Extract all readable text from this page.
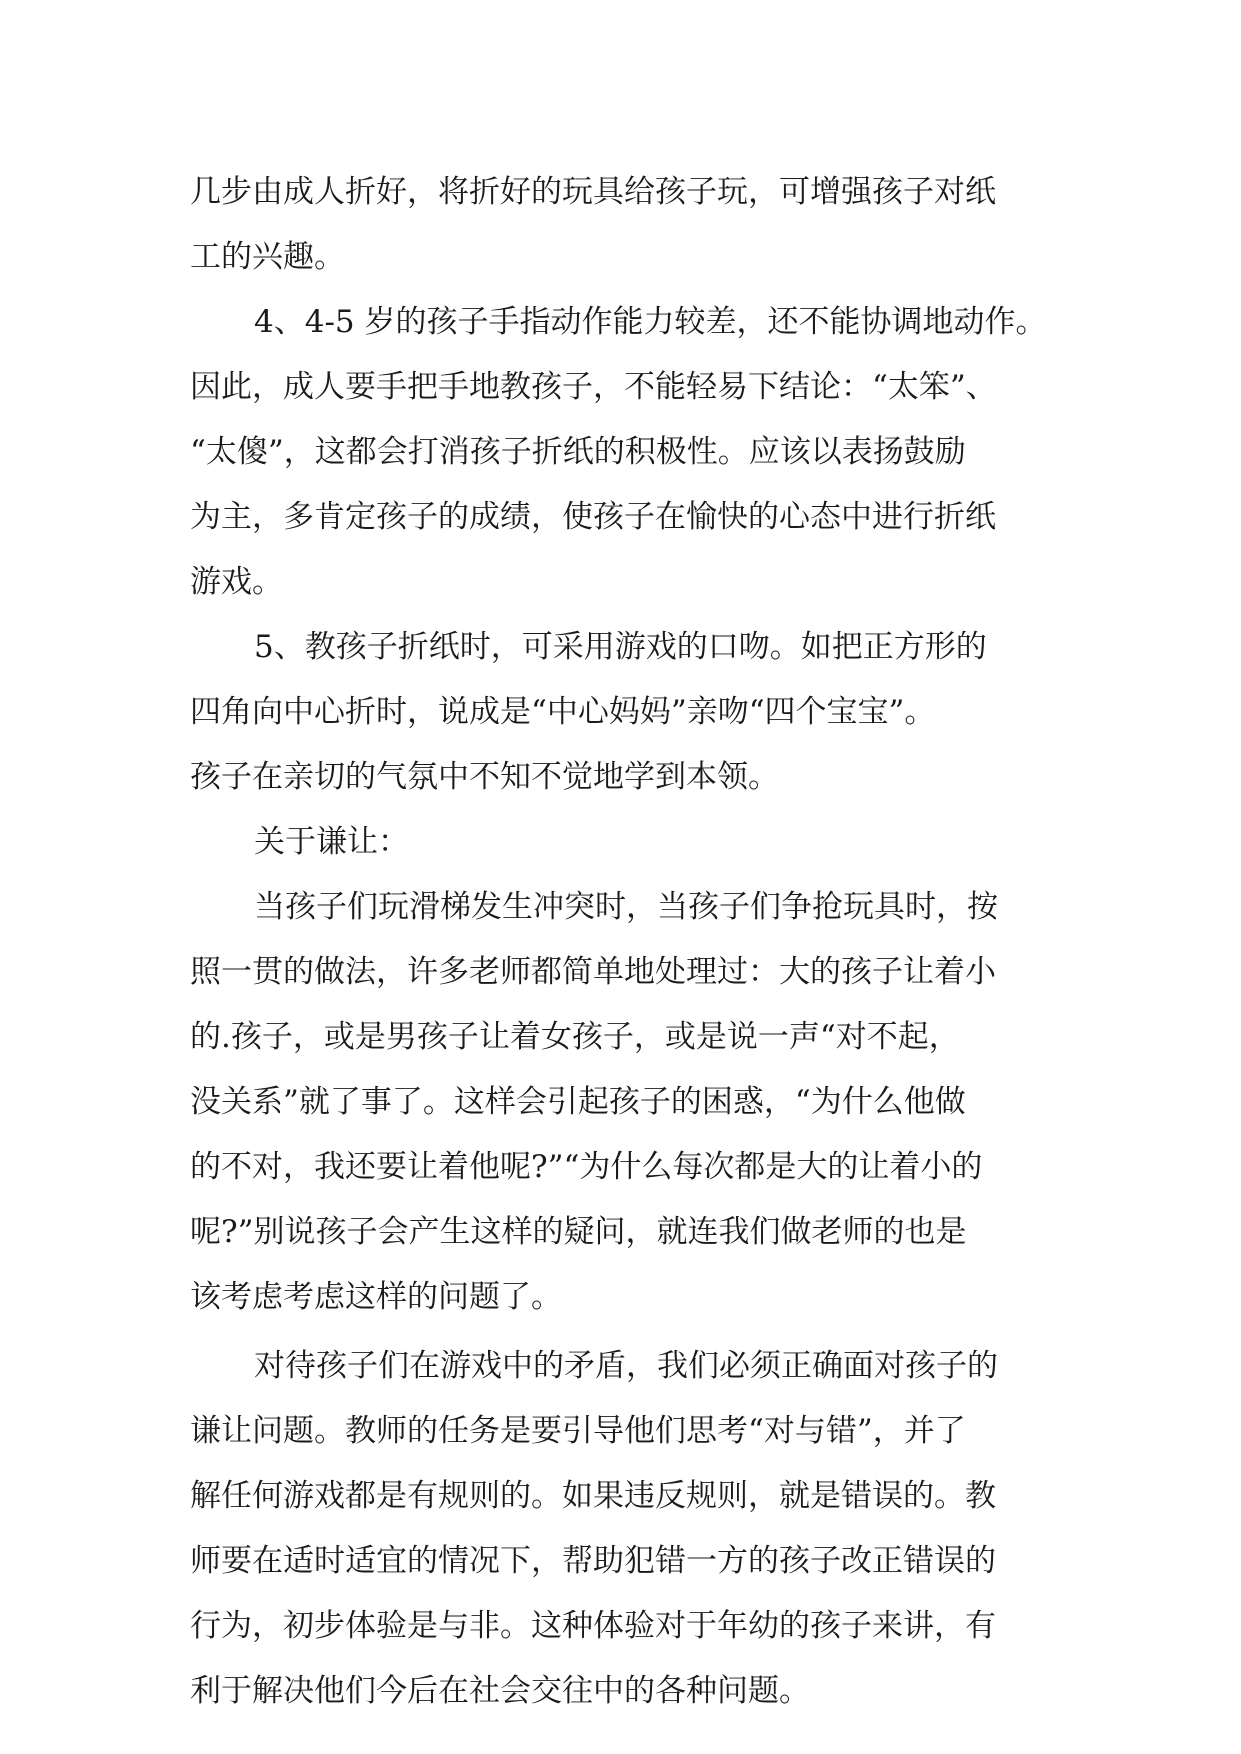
几步由成人折好，将折好的玩具给孩子玩，可增强孩子对纸
工的兴趣。
4、4-5 岁的孩子手指动作能力较差，还不能协调地动作。
因此，成人要手把手地教孩子，不能轻易下结论：“太笨”、
“太傻”，这都会打消孩子折纸的积极性。应该以表扬鼓励
为主，多肯定孩子的成绩，使孩子在愉快的心态中进行折纸
游戏。
5、教孩子折纸时，可采用游戏的口吻。如把正方形的
四角向中心折时，说成是“中心妈妈”亲吻“四个宝宝”。
孩子在亲切的气氛中不知不觉地学到本领。
关于谦让：
当孩子们玩滑梯发生冲突时，当孩子们争抢玩具时，按
照一贯的做法，许多老师都简单地处理过：大的孩子让着小
的.孩子，或是男孩子让着女孩子，或是说一声“对不起，
没关系”就了事了。这样会引起孩子的困惑，“为什么他做
的不对，我还要让着他呢?”“为什么每次都是大的让着小的
呢?”别说孩子会产生这样的疑问，就连我们做老师的也是
该考虑考虑这样的问题了。
对待孩子们在游戏中的矛盾，我们必须正确面对孩子的
谦让问题。教师的任务是要引导他们思考“对与错”，并了
解任何游戏都是有规则的。如果违反规则，就是错误的。教
师要在适时适宜的情况下，帮助犯错一方的孩子改正错误的
行为，初步体验是与非。这种体验对于年幼的孩子来讲，有
利于解决他们今后在社会交往中的各种问题。
